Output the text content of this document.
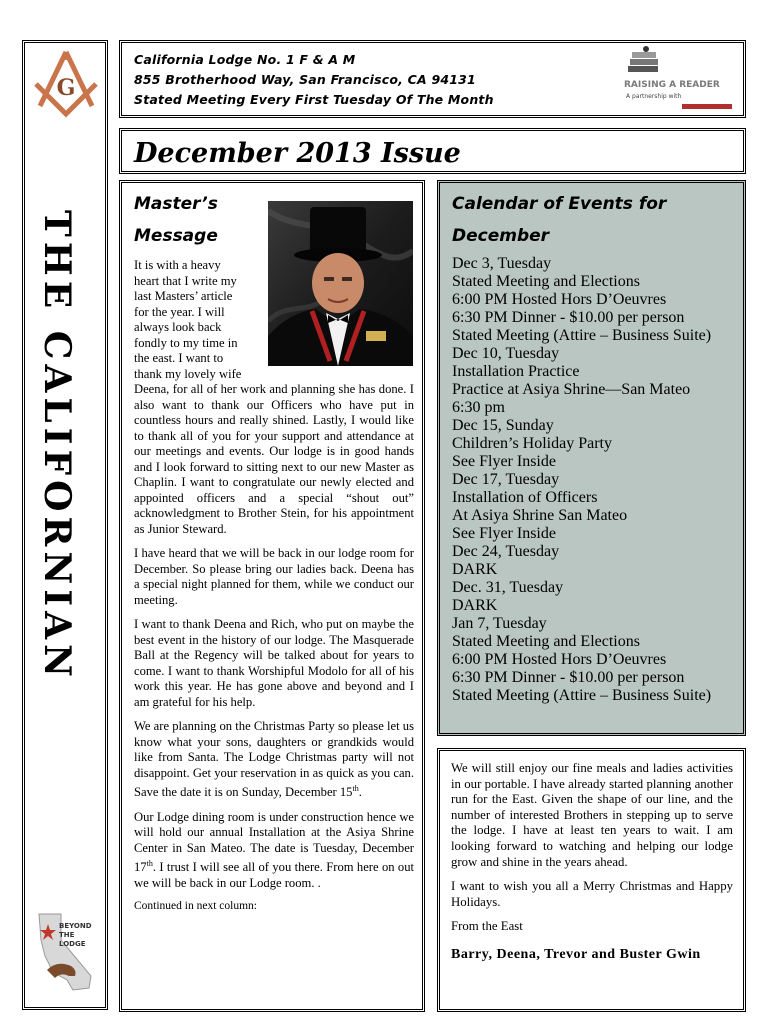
G
THE CALIFORNIAN
BEYOND
THE LODGE
California Lodge No. 1 F & A M
855 Brotherhood Way, San Francisco, CA 94131
Stated Meeting Every First Tuesday Of The Month
RAISING A READER
A partnership with
December 2013 Issue
Master’s
Message
It is with a heavy
heart that I write my
last Masters’ article
for the year. I will
always look back
fondly to my time in
the east. I want to
thank my lovely wife

Deena, for all of her work and planning she has done. I also want to thank our Officers who have put in countless hours and really shined. Lastly, I would like to thank all of you for your support and attendance at our meetings and events. Our lodge is in good hands and I look forward to sitting next to our new Master as Chaplin. I want to congratulate our newly elected and appointed officers and a special “shout out” acknowledgment to Brother Stein, for his appointment as Junior Steward.

I have heard that we will be back in our lodge room for December. So please bring our ladies back. Deena has a special night planned for them, while we conduct our meeting.

I want to thank Deena and Rich, who put on maybe the best event in the history of our lodge. The Masquerade Ball at the Regency will be talked about for years to come. I want to thank Worshipful Modolo for all of his work this year. He has gone above and beyond and I am grateful for his help.

We are planning on the Christmas Party so please let us know what your sons, daughters or grandkids would like from Santa. The Lodge Christmas party will not disappoint. Get your reservation in as quick as you can. Save the date it is on Sunday, December 15th.

Our Lodge dining room is under construction hence we will hold our annual Installation at the Asiya Shrine Center in San Mateo. The date is Tuesday, December 17th. I trust I will see all of you there. From here on out we will be back in our Lodge room. .

Continued in next column:
Calendar of Events for
December
Dec 3, Tuesday
Stated Meeting and Elections
6:00 PM Hosted Hors D’Oeuvres
6:30 PM Dinner - $10.00 per person
Stated Meeting (Attire – Business Suite)
Dec 10, Tuesday
Installation Practice
Practice at Asiya Shrine—San Mateo
6:30 pm
Dec 15, Sunday
Children’s Holiday Party
See Flyer Inside
Dec 17, Tuesday
Installation of Officers
At Asiya Shrine San Mateo
See Flyer Inside
Dec 24, Tuesday
DARK
Dec. 31, Tuesday
DARK
Jan 7, Tuesday
Stated Meeting and Elections
6:00 PM Hosted Hors D’Oeuvres
6:30 PM Dinner - $10.00 per person
Stated Meeting (Attire – Business Suite)

We will still enjoy our fine meals and ladies activities in our portable. I have already started planning another run for the East. Given the shape of our line, and the number of interested Brothers in stepping up to serve the lodge. I have at least ten years to wait. I am looking forward to watching and helping our lodge grow and shine in the years ahead.

I want to wish you all a Merry Christmas and Happy Holidays.

From the East

Barry, Deena, Trevor and Buster Gwin
